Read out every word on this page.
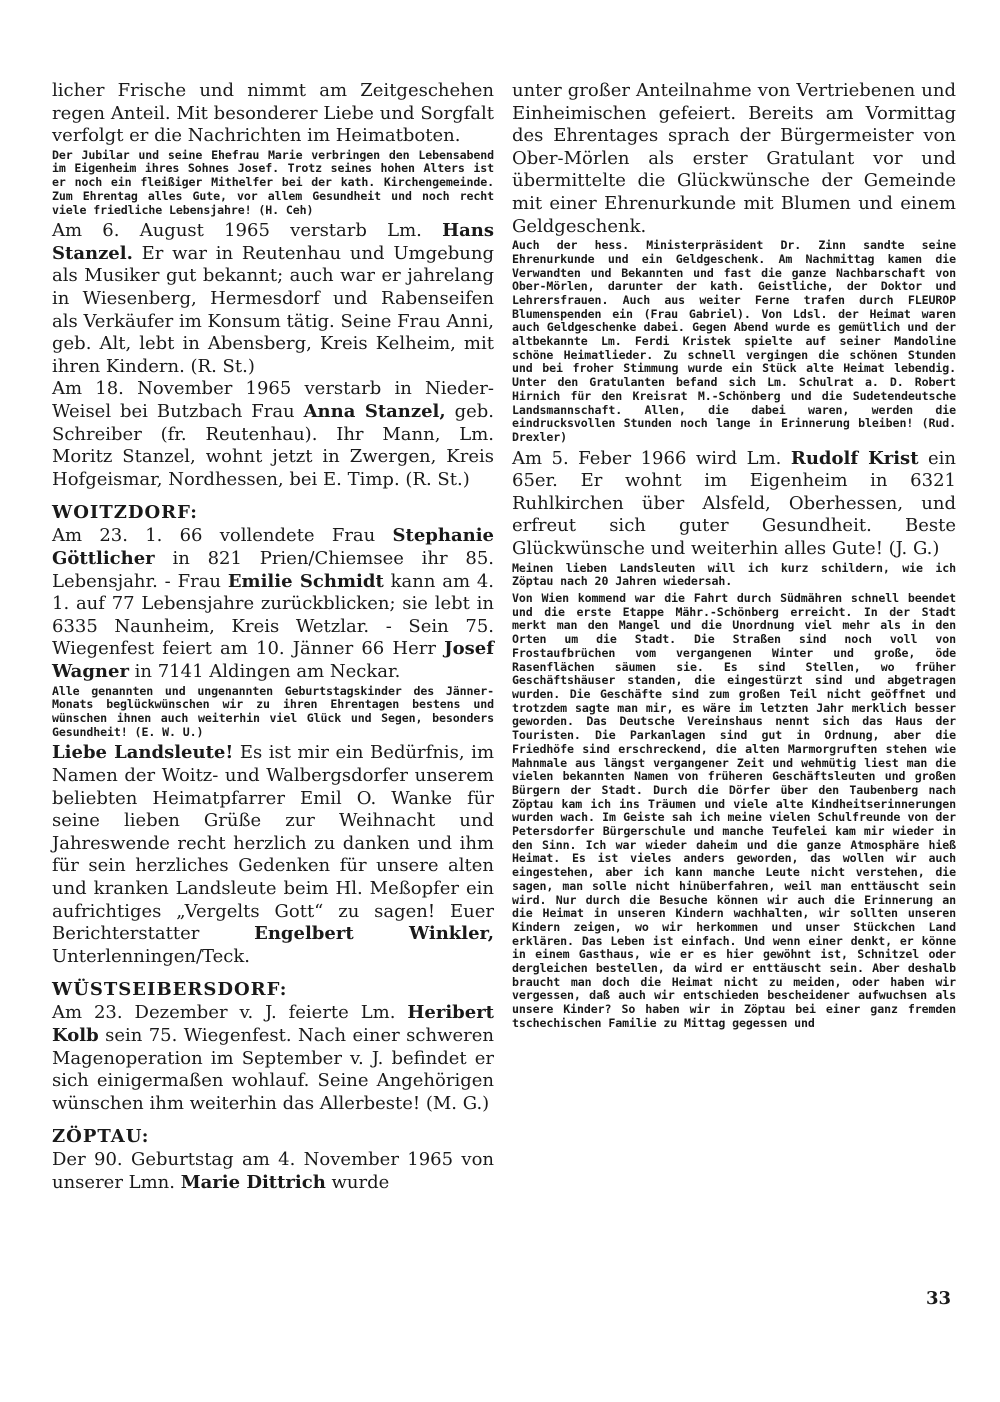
licher Frische und nimmt am Zeitgeschehen regen Anteil. Mit besonderer Liebe und Sorgfalt verfolgt er die Nachrichten im Heimatboten.

Der Jubilar und seine Ehefrau Marie verbringen den Lebensabend im Eigenheim ihres Sohnes Josef. Trotz seines hohen Alters ist er noch ein fleißiger Mithelfer bei der kath. Kirchengemeinde. Zum Ehrentag alles Gute, vor allem Gesundheit und noch recht viele friedliche Lebensjahre! (H. Ceh)

Am 6. August 1965 verstarb Lm. Hans Stanzel. Er war in Reutenhau und Umgebung als Musiker gut bekannt; auch war er jahrelang in Wiesenberg, Hermesdorf und Rabenseifen als Verkäufer im Konsum tätig. Seine Frau Anni, geb. Alt, lebt in Abensberg, Kreis Kelheim, mit ihren Kindern. (R. St.)

Am 18. November 1965 verstarb in Nieder-Weisel bei Butzbach Frau Anna Stanzel, geb. Schreiber (fr. Reutenhau). Ihr Mann, Lm. Moritz Stanzel, wohnt jetzt in Zwergen, Kreis Hofgeismar, Nordhessen, bei E. Timp. (R. St.)

WOITZDORF:

Am 23. 1. 66 vollendete Frau Stephanie Göttlicher in 821 Prien/Chiemsee ihr 85. Lebensjahr. - Frau Emilie Schmidt kann am 4. 1. auf 77 Lebensjahre zurückblicken; sie lebt in 6335 Naunheim, Kreis Wetzlar. - Sein 75. Wiegenfest feiert am 10. Jänner 66 Herr Josef Wagner in 7141 Aldingen am Neckar.

Alle genannten und ungenannten Geburtstagskinder des Jänner-Monats beglückwünschen wir zu ihren Ehrentagen bestens und wünschen ihnen auch weiterhin viel Glück und Segen, besonders Gesundheit! (E. W. U.)

Liebe Landsleute! Es ist mir ein Bedürfnis, im Namen der Woitz- und Walbergsdorfer unserem beliebten Heimatpfarrer Emil O. Wanke für seine lieben Grüße zur Weihnacht und Jahreswende recht herzlich zu danken und ihm für sein herzliches Gedenken für unsere alten und kranken Landsleute beim Hl. Meßopfer ein aufrichtiges „Vergelts Gott“ zu sagen! Euer Berichterstatter Engelbert Winkler, Unterlenningen/Teck.

WÜSTSEIBERSDORF:

Am 23. Dezember v. J. feierte Lm. Heribert Kolb sein 75. Wiegenfest. Nach einer schweren Magenoperation im September v. J. befindet er sich einigermaßen wohlauf. Seine Angehörigen wünschen ihm weiterhin das Allerbeste! (M. G.)

ZÖPTAU:

Der 90. Geburtstag am 4. November 1965 von unserer Lmn. Marie Dittrich wurde

unter großer Anteilnahme von Vertriebenen und Einheimischen gefeiert. Bereits am Vormittag des Ehrentages sprach der Bürgermeister von Ober-Mörlen als erster Gratulant vor und übermittelte die Glückwünsche der Gemeinde mit einer Ehrenurkunde mit Blumen und einem Geldgeschenk.

Auch der hess. Ministerpräsident Dr. Zinn sandte seine Ehrenurkunde und ein Geldgeschenk. Am Nachmittag kamen die Verwandten und Bekannten und fast die ganze Nachbarschaft von Ober-Mörlen, darunter der kath. Geistliche, der Doktor und Lehrersfrauen. Auch aus weiter Ferne trafen durch FLEUROP Blumenspenden ein (Frau Gabriel). Von Ldsl. der Heimat waren auch Geldgeschenke dabei. Gegen Abend wurde es gemütlich und der altbekannte Lm. Ferdi Kristek spielte auf seiner Mandoline schöne Heimatlieder. Zu schnell vergingen die schönen Stunden und bei froher Stimmung wurde ein Stück alte Heimat lebendig. Unter den Gratulanten befand sich Lm. Schulrat a. D. Robert Hirnich für den Kreisrat M.-Schönberg und die Sudetendeutsche Landsmannschaft. Allen, die dabei waren, werden die eindrucksvollen Stunden noch lange in Erinnerung bleiben! (Rud. Drexler)

Am 5. Feber 1966 wird Lm. Rudolf Krist ein 65er. Er wohnt im Eigenheim in 6321 Ruhlkirchen über Alsfeld, Oberhessen, und erfreut sich guter Gesundheit. Beste Glückwünsche und weiterhin alles Gute! (J. G.)

Meinen lieben Landsleuten will ich kurz schildern, wie ich Zöptau nach 20 Jahren wiedersah.

Von Wien kommend war die Fahrt durch Südmähren schnell beendet und die erste Etappe Mähr.-Schönberg erreicht. In der Stadt merkt man den Mangel und die Unordnung viel mehr als in den Orten um die Stadt. Die Straßen sind noch voll von Frostaufbrüchen vom vergangenen Winter und große, öde Rasenflächen säumen sie. Es sind Stellen, wo früher Geschäftshäuser standen, die eingestürzt sind und abgetragen wurden. Die Geschäfte sind zum großen Teil nicht geöffnet und trotzdem sagte man mir, es wäre im letzten Jahr merklich besser geworden. Das Deutsche Vereinshaus nennt sich das Haus der Touristen. Die Parkanlagen sind gut in Ordnung, aber die Friedhöfe sind erschreckend, die alten Marmorgruften stehen wie Mahnmale aus längst vergangener Zeit und wehmütig liest man die vielen bekannten Namen von früheren Geschäftsleuten und großen Bürgern der Stadt. Durch die Dörfer über den Taubenberg nach Zöptau kam ich ins Träumen und viele alte Kindheitserinnerungen wurden wach. Im Geiste sah ich meine vielen Schulfreunde von der Petersdorfer Bürgerschule und manche Teufelei kam mir wieder in den Sinn. Ich war wieder daheim und die ganze Atmosphäre hieß Heimat. Es ist vieles anders geworden, das wollen wir auch eingestehen, aber ich kann manche Leute nicht verstehen, die sagen, man solle nicht hinüberfahren, weil man enttäuscht sein wird. Nur durch die Besuche können wir auch die Erinnerung an die Heimat in unseren Kindern wachhalten, wir sollten unseren Kindern zeigen, wo wir herkommen und unser Stückchen Land erklären. Das Leben ist einfach. Und wenn einer denkt, er könne in einem Gasthaus, wie er es hier gewöhnt ist, Schnitzel oder dergleichen bestellen, da wird er enttäuscht sein. Aber deshalb braucht man doch die Heimat nicht zu meiden, oder haben wir vergessen, daß auch wir entschieden bescheidener aufwuchsen als unsere Kinder? So haben wir in Zöptau bei einer ganz fremden tschechischen Familie zu Mittag gegessen und

33
